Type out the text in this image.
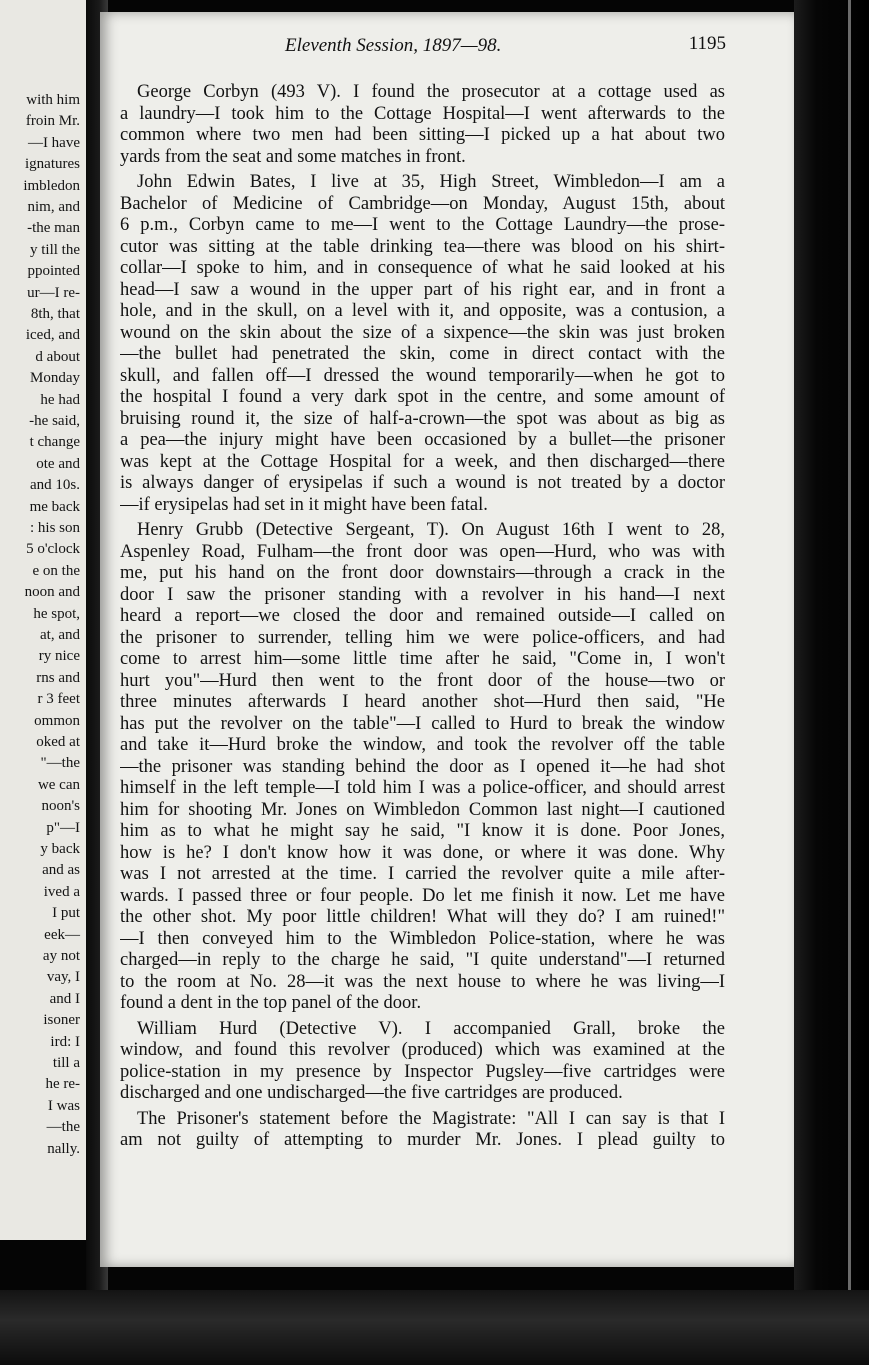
with him
froin Mr.
—I have
ignatures
imbledon
nim, and
-the man
y till the
ppointed
ur—I re-
8th, that
iced, and
d about
Monday
he had
-he said,
t change
ote and
and 10s.
me back
: his son
5 o'clock
e on the
noon and
he spot,
at, and
ry nice
rns and
r 3 feet
ommon
oked at
"—the
we can
noon's
p"—I
y back
and as
ived a
I put
eek—
ay not
vay, I
and I
isoner
ird: I
till a
he re-
I was
—the
nally.
Eleventh Session, 1897—98.	1195
George Corbyn (493 V). I found the prosecutor at a cottage used as
a laundry—I took him to the Cottage Hospital—I went afterwards to the
common where two men had been sitting—I picked up a hat about two
yards from the seat and some matches in front.
John Edwin Bates, I live at 35, High Street, Wimbledon—I am a
Bachelor of Medicine of Cambridge—on Monday, August 15th, about
6 p.m., Corbyn came to me—I went to the Cottage Laundry—the prose-
cutor was sitting at the table drinking tea—there was blood on his shirt-
collar—I spoke to him, and in consequence of what he said looked at his
head—I saw a wound in the upper part of his right ear, and in front a
hole, and in the skull, on a level with it, and opposite, was a contusion, a
wound on the skin about the size of a sixpence—the skin was just broken
—the bullet had penetrated the skin, come in direct contact with the
skull, and fallen off—I dressed the wound temporarily—when he got to
the hospital I found a very dark spot in the centre, and some amount of
bruising round it, the size of half-a-crown—the spot was about as big as
a pea—the injury might have been occasioned by a bullet—the prisoner
was kept at the Cottage Hospital for a week, and then discharged—there
is always danger of erysipelas if such a wound is not treated by a doctor
—if erysipelas had set in it might have been fatal.
Henry Grubb (Detective Sergeant, T). On August 16th I went to 28,
Aspenley Road, Fulham—the front door was open—Hurd, who was with
me, put his hand on the front door downstairs—through a crack in the
door I saw the prisoner standing with a revolver in his hand—I next
heard a report—we closed the door and remained outside—I called on
the prisoner to surrender, telling him we were police-officers, and had
come to arrest him—some little time after he said, "Come in, I won't
hurt you"—Hurd then went to the front door of the house—two or
three minutes afterwards I heard another shot—Hurd then said, "He
has put the revolver on the table"—I called to Hurd to break the window
and take it—Hurd broke the window, and took the revolver off the table
—the prisoner was standing behind the door as I opened it—he had shot
himself in the left temple—I told him I was a police-officer, and should arrest
him for shooting Mr. Jones on Wimbledon Common last night—I cautioned
him as to what he might say he said, "I know it is done. Poor Jones,
how is he? I don't know how it was done, or where it was done. Why
was I not arrested at the time. I carried the revolver quite a mile after-
wards. I passed three or four people. Do let me finish it now. Let me have
the other shot. My poor little children! What will they do? I am ruined!"
—I then conveyed him to the Wimbledon Police-station, where he was
charged—in reply to the charge he said, "I quite understand"—I returned
to the room at No. 28—it was the next house to where he was living—I
found a dent in the top panel of the door.
William Hurd (Detective V). I accompanied Grall, broke the
window, and found this revolver (produced) which was examined at the
police-station in my presence by Inspector Pugsley—five cartridges were
discharged and one undischarged—the five cartridges are produced.
The Prisoner's statement before the Magistrate: "All I can say is that I
am not guilty of attempting to murder Mr. Jones. I plead guilty to
